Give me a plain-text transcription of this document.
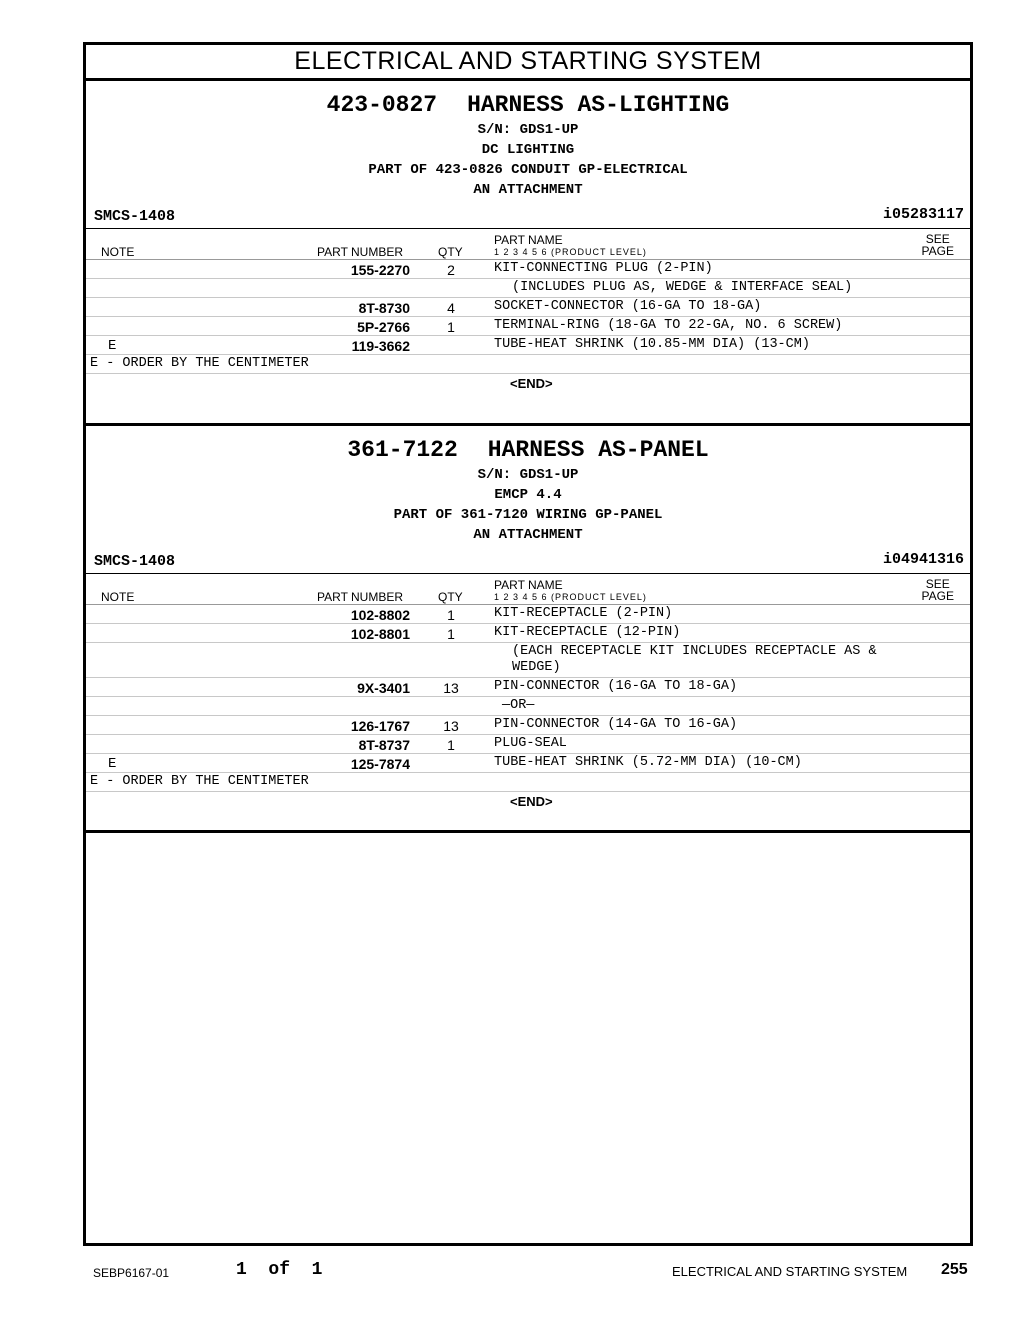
ELECTRICAL AND STARTING SYSTEM
423-0827 HARNESS AS-LIGHTING
S/N: GDS1-UP
DC LIGHTING
PART OF 423-0826 CONDUIT GP-ELECTRICAL
AN ATTACHMENT
SMCS-1408	i05283117
NOTE	PART NUMBER	QTY
PART NAME
1 2 3 4 5 6 (PRODUCT LEVEL)
SEE
PAGE
155-2270	2	KIT-CONNECTING PLUG (2-PIN)
(INCLUDES PLUG AS, WEDGE & INTERFACE SEAL)
8T-8730	4	SOCKET-CONNECTOR (16-GA TO 18-GA)
5P-2766	1	TERMINAL-RING (18-GA TO 22-GA, NO. 6 SCREW)
E	119-3662	TUBE-HEAT SHRINK (10.85-MM DIA) (13-CM)
E - ORDER BY THE CENTIMETER
<END>
361-7122 HARNESS AS-PANEL
S/N: GDS1-UP
EMCP 4.4
PART OF 361-7120 WIRING GP-PANEL
AN ATTACHMENT
SMCS-1408	i04941316
NOTE	PART NUMBER	QTY
PART NAME
1 2 3 4 5 6 (PRODUCT LEVEL)
SEE
PAGE
102-8802	1	KIT-RECEPTACLE (2-PIN)
102-8801	1	KIT-RECEPTACLE (12-PIN)
(EACH RECEPTACLE KIT INCLUDES RECEPTACLE AS & WEDGE)
9X-3401	13	PIN-CONNECTOR (16-GA TO 18-GA)
—OR—
126-1767	13	PIN-CONNECTOR (14-GA TO 16-GA)
8T-8737	1	PLUG-SEAL
E	125-7874	TUBE-HEAT SHRINK (5.72-MM DIA) (10-CM)
E - ORDER BY THE CENTIMETER
<END>
SEBP6167-01	1  of  1	ELECTRICAL AND STARTING SYSTEM 255
